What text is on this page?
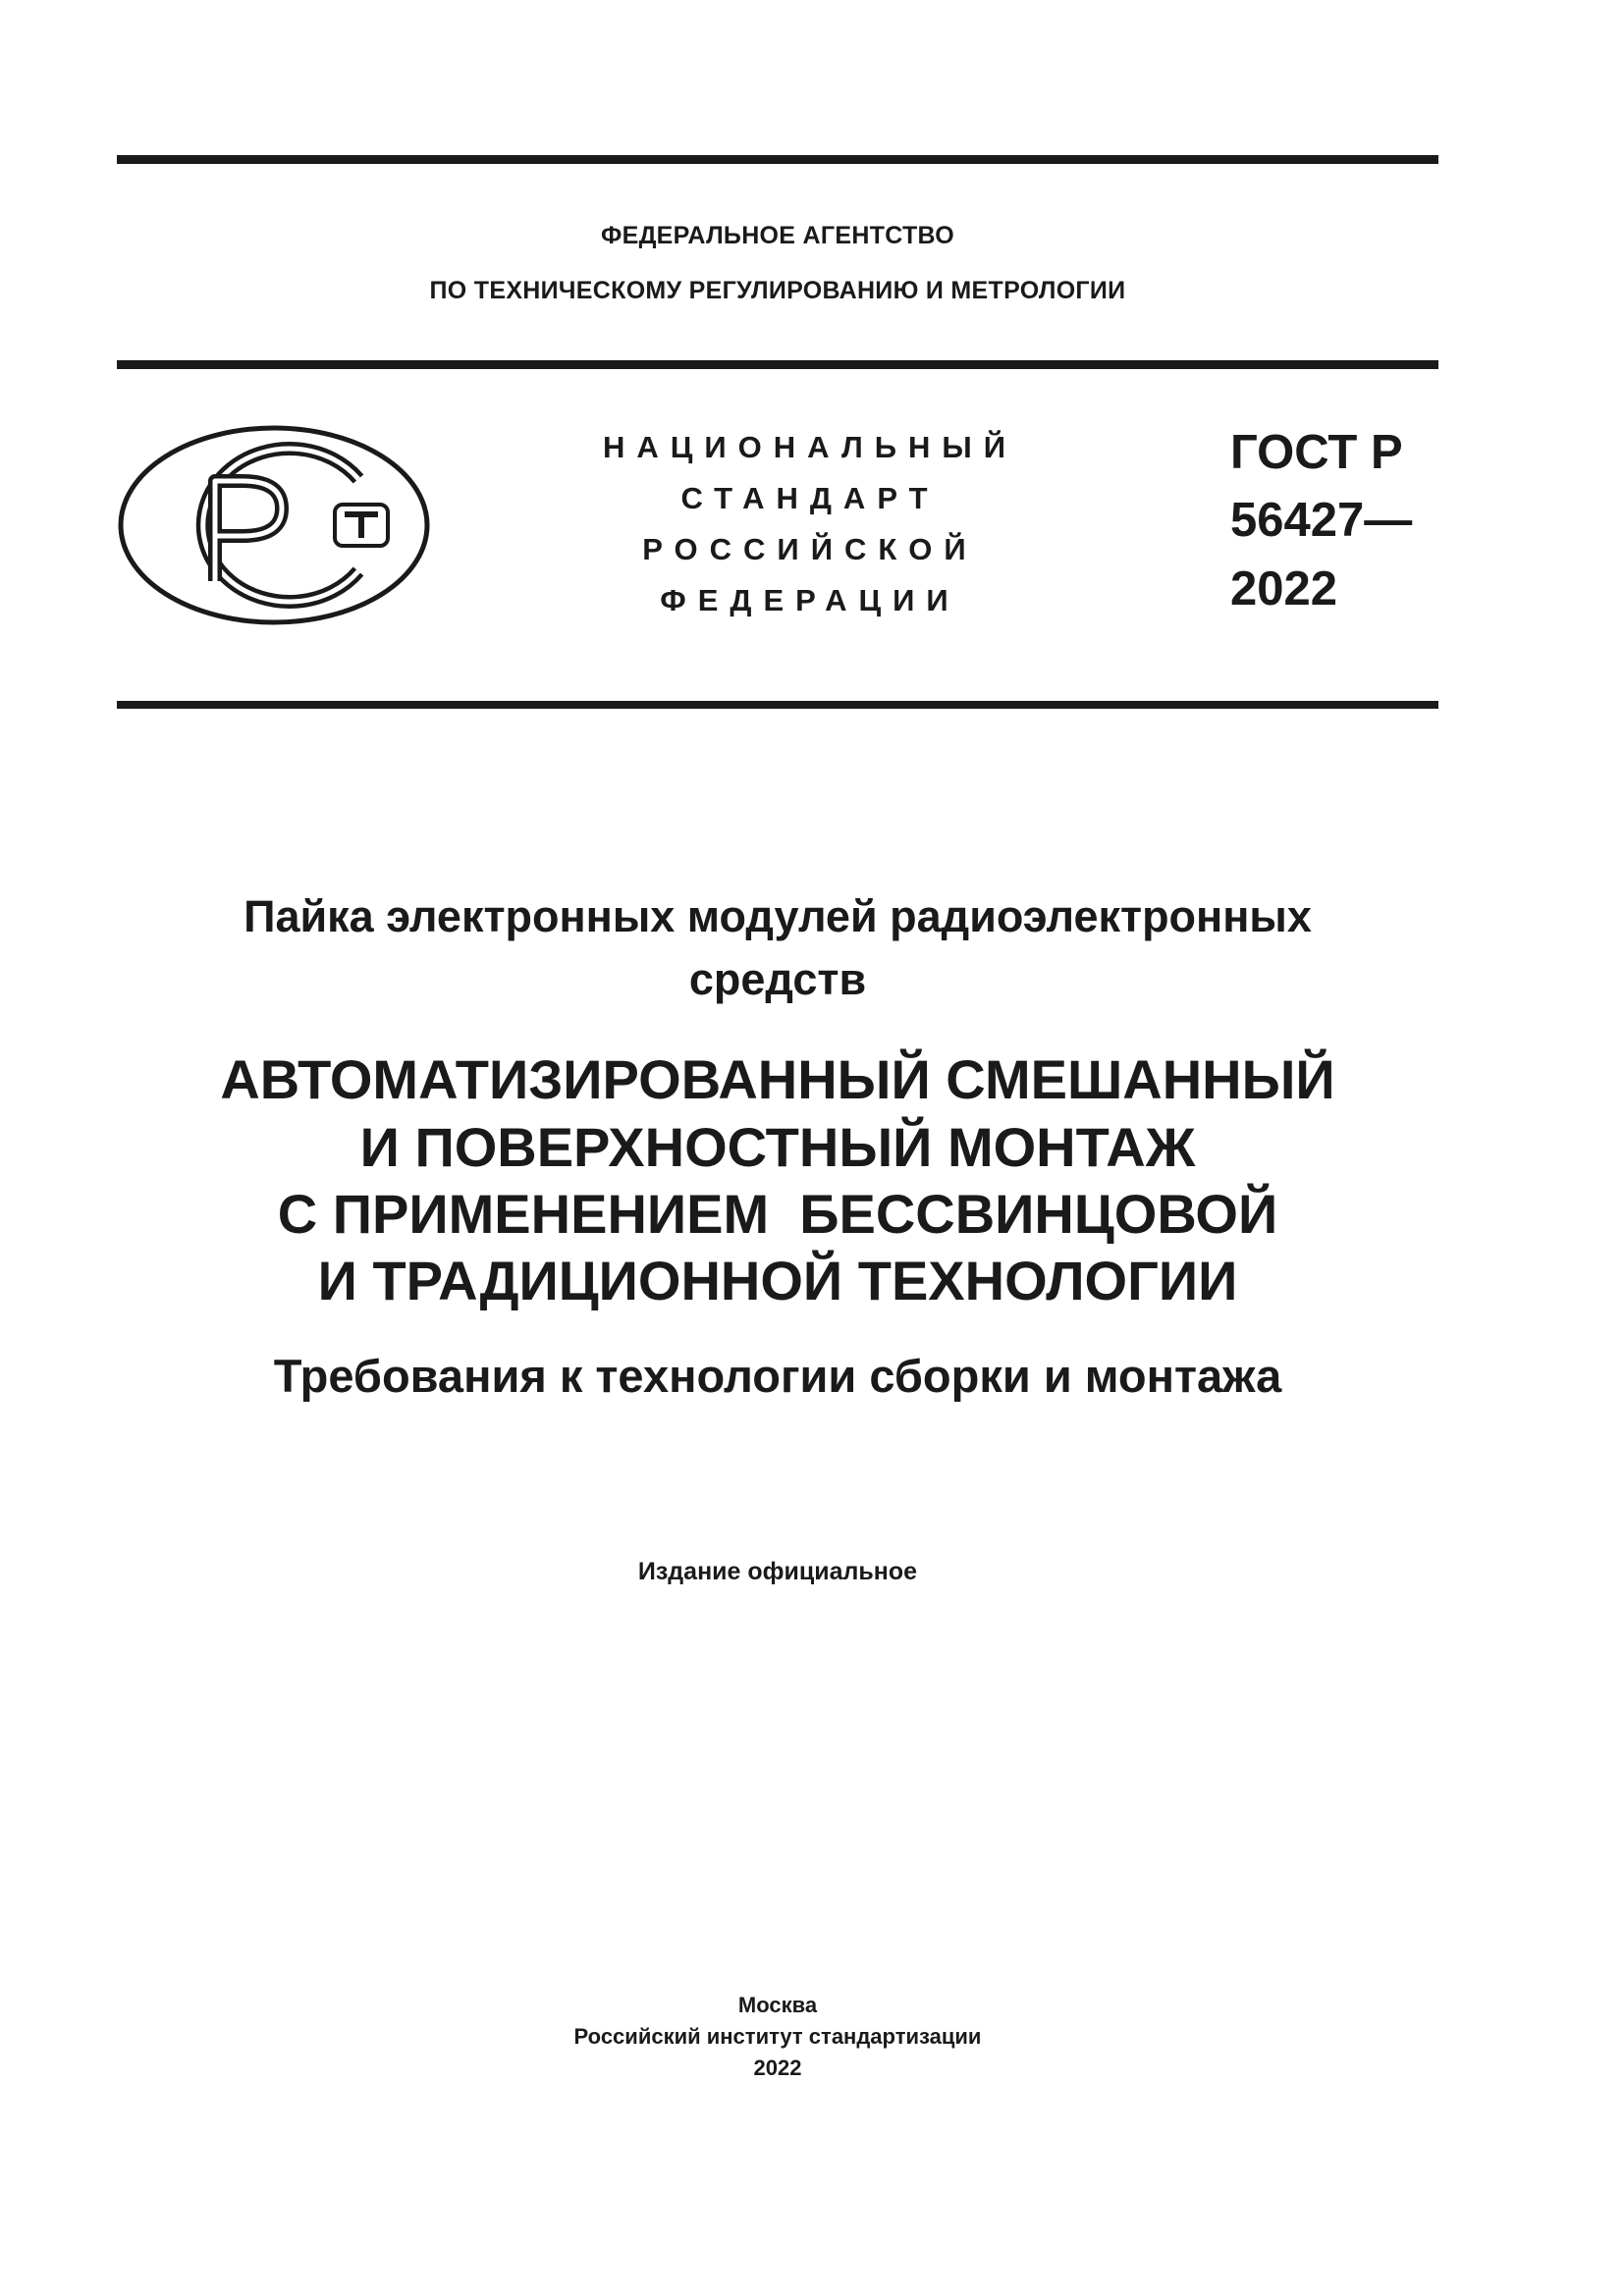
ФЕДЕРАЛЬНОЕ АГЕНТСТВО
ПО ТЕХНИЧЕСКОМУ РЕГУЛИРОВАНИЮ И МЕТРОЛОГИИ
НАЦИОНАЛЬНЫЙ
СТАНДАРТ
РОССИЙСКОЙ
ФЕДЕРАЦИИ
ГОСТ Р
56427—
2022
Пайка электронных модулей радиоэлектронных
средств
АВТОМАТИЗИРОВАННЫЙ СМЕШАННЫЙ
И ПОВЕРХНОСТНЫЙ МОНТАЖ
С ПРИМЕНЕНИЕМ  БЕССВИНЦОВОЙ
И ТРАДИЦИОННОЙ ТЕХНОЛОГИИ
Требования к технологии сборки и монтажа
Издание официальное
Москва
Российский институт стандартизации
2022
